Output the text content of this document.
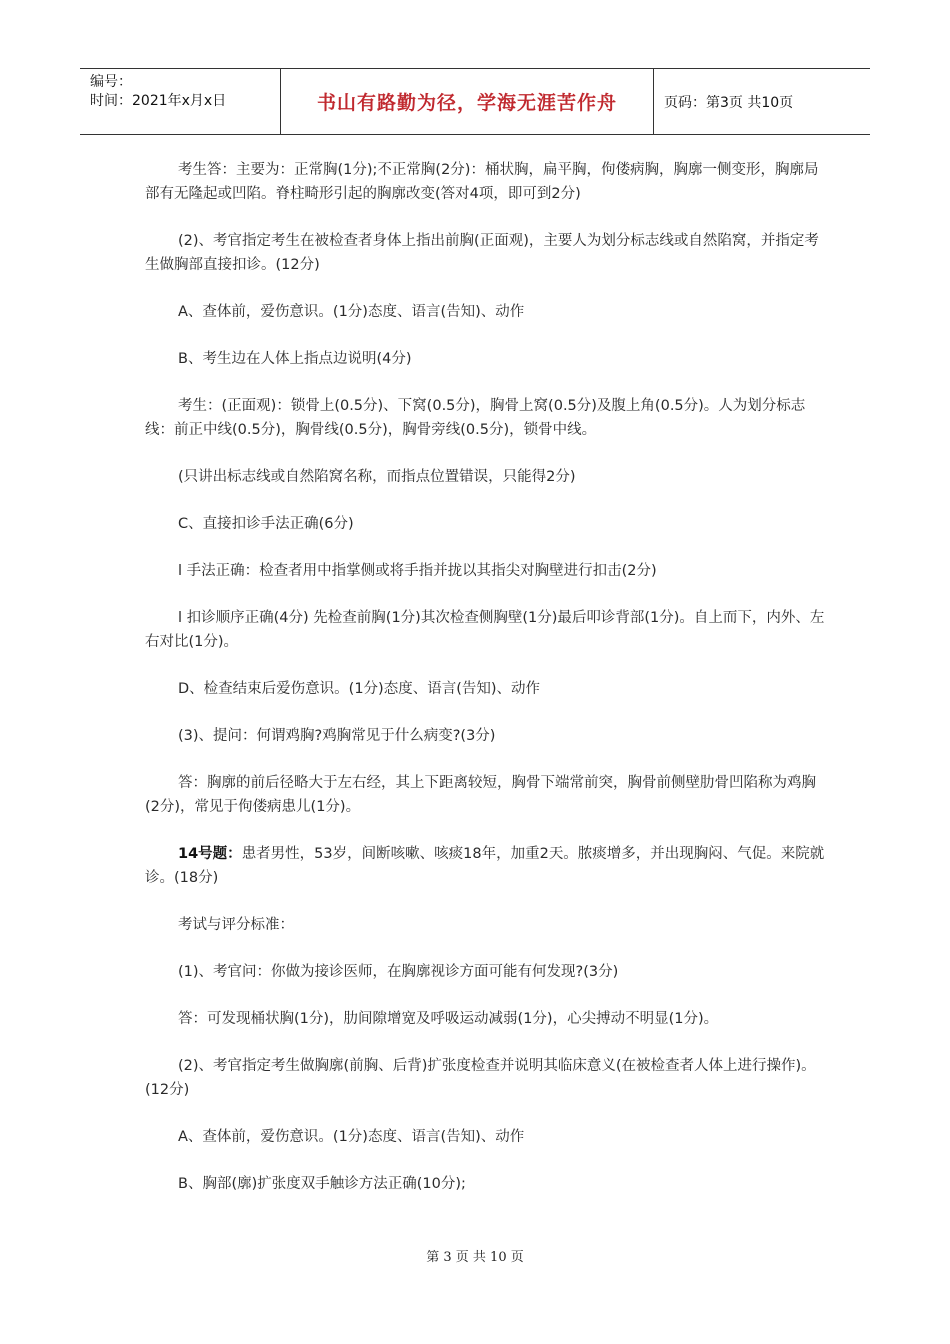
编号：
时间：2021年x月x日	书山有路勤为径，学海无涯苦作舟	页码：第3页 共10页

考生答：主要为：正常胸(1分);不正常胸(2分)：桶状胸，扁平胸，佝偻病胸，胸廓一侧变形，胸廓局部有无隆起或凹陷。脊柱畸形引起的胸廓改变(答对4项，即可到2分)

(2)、考官指定考生在被检查者身体上指出前胸(正面观)，主要人为划分标志线或自然陷窝，并指定考生做胸部直接扣诊。(12分)

A、查体前，爱伤意识。(1分)态度、语言(告知)、动作

B、考生边在人体上指点边说明(4分)

考生：(正面观)：锁骨上(0.5分)、下窝(0.5分)，胸骨上窝(0.5分)及腹上角(0.5分)。人为划分标志线：前正中线(0.5分)，胸骨线(0.5分)，胸骨旁线(0.5分)，锁骨中线。

(只讲出标志线或自然陷窝名称，而指点位置错误，只能得2分)

C、直接扣诊手法正确(6分)

l 手法正确：检查者用中指掌侧或将手指并拢以其指尖对胸壁进行扣击(2分)

l 扣诊顺序正确(4分) 先检查前胸(1分)其次检查侧胸壁(1分)最后叩诊背部(1分)。自上而下，内外、左右对比(1分)。

D、检查结束后爱伤意识。(1分)态度、语言(告知)、动作

(3)、提问：何谓鸡胸?鸡胸常见于什么病变?(3分)

答：胸廓的前后径略大于左右经，其上下距离较短，胸骨下端常前突，胸骨前侧壁肋骨凹陷称为鸡胸(2分)，常见于佝偻病患儿(1分)。

14号题：患者男性，53岁，间断咳嗽、咳痰18年，加重2天。脓痰增多，并出现胸闷、气促。来院就诊。(18分)

考试与评分标准：

(1)、考官问：你做为接诊医师，在胸廓视诊方面可能有何发现?(3分)

答：可发现桶状胸(1分)，肋间隙增宽及呼吸运动减弱(1分)，心尖搏动不明显(1分)。

(2)、考官指定考生做胸廓(前胸、后背)扩张度检查并说明其临床意义(在被检查者人体上进行操作)。(12分)

A、查体前，爱伤意识。(1分)态度、语言(告知)、动作

B、胸部(廓)扩张度双手触诊方法正确(10分);

第 3 页 共 10 页
